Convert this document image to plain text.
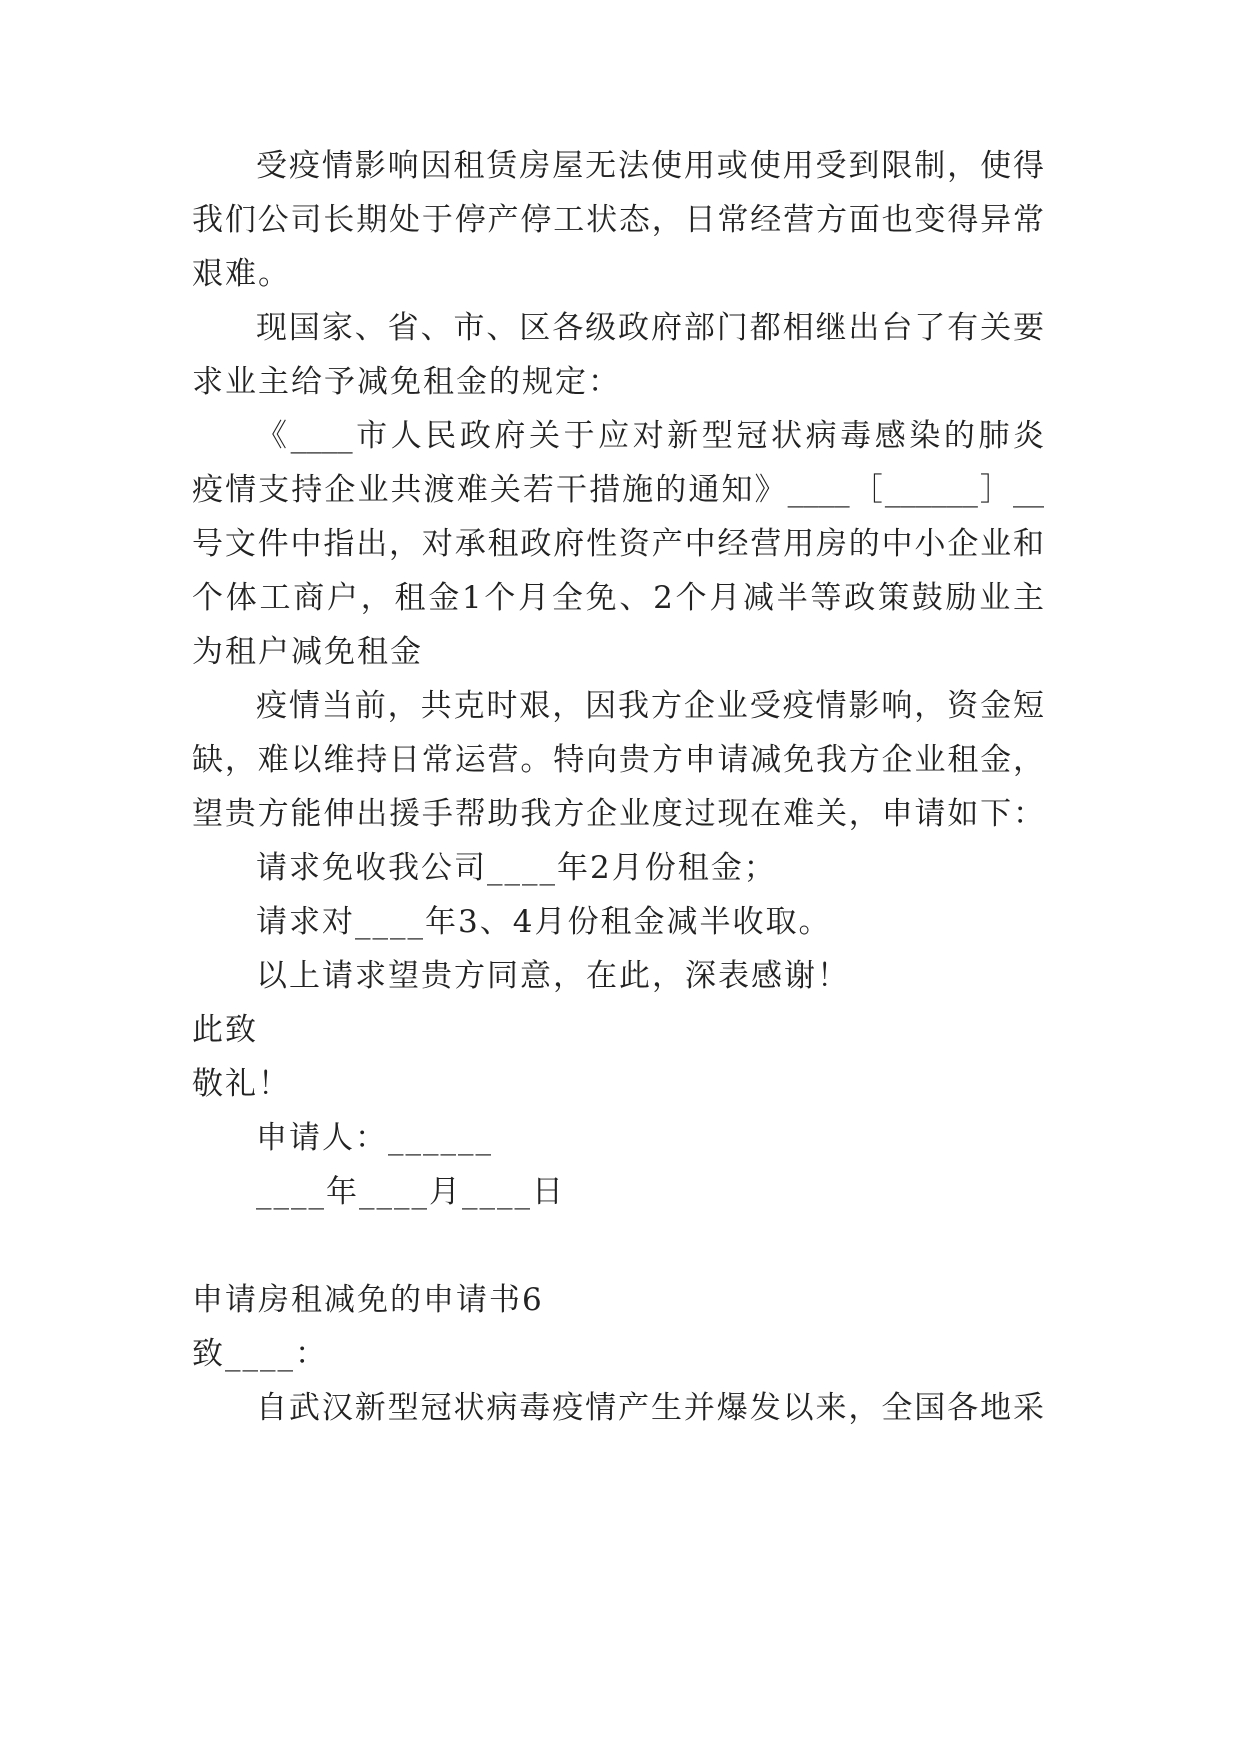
受疫情影响因租赁房屋无法使用或使用受到限制，使得
我们公司长期处于停产停工状态，日常经营方面也变得异常
艰难。
现国家、省、市、区各级政府部门都相继出台了有关要
求业主给予减免租金的规定：
《____市人民政府关于应对新型冠状病毒感染的肺炎
疫情支持企业共渡难关若干措施的通知》____［______］__
号文件中指出，对承租政府性资产中经营用房的中小企业和
个体工商户，租金1个月全免、2个月减半等政策鼓励业主
为租户减免租金
疫情当前，共克时艰，因我方企业受疫情影响，资金短
缺，难以维持日常运营。特向贵方申请减免我方企业租金，
望贵方能伸出援手帮助我方企业度过现在难关，申请如下：
请求免收我公司____年2月份租金；
请求对____年3、4月份租金减半收取。
以上请求望贵方同意，在此，深表感谢！
此致
敬礼！
申请人：______
____年____月____日
申请房租减免的申请书6
致____：
自武汉新型冠状病毒疫情产生并爆发以来，全国各地采
